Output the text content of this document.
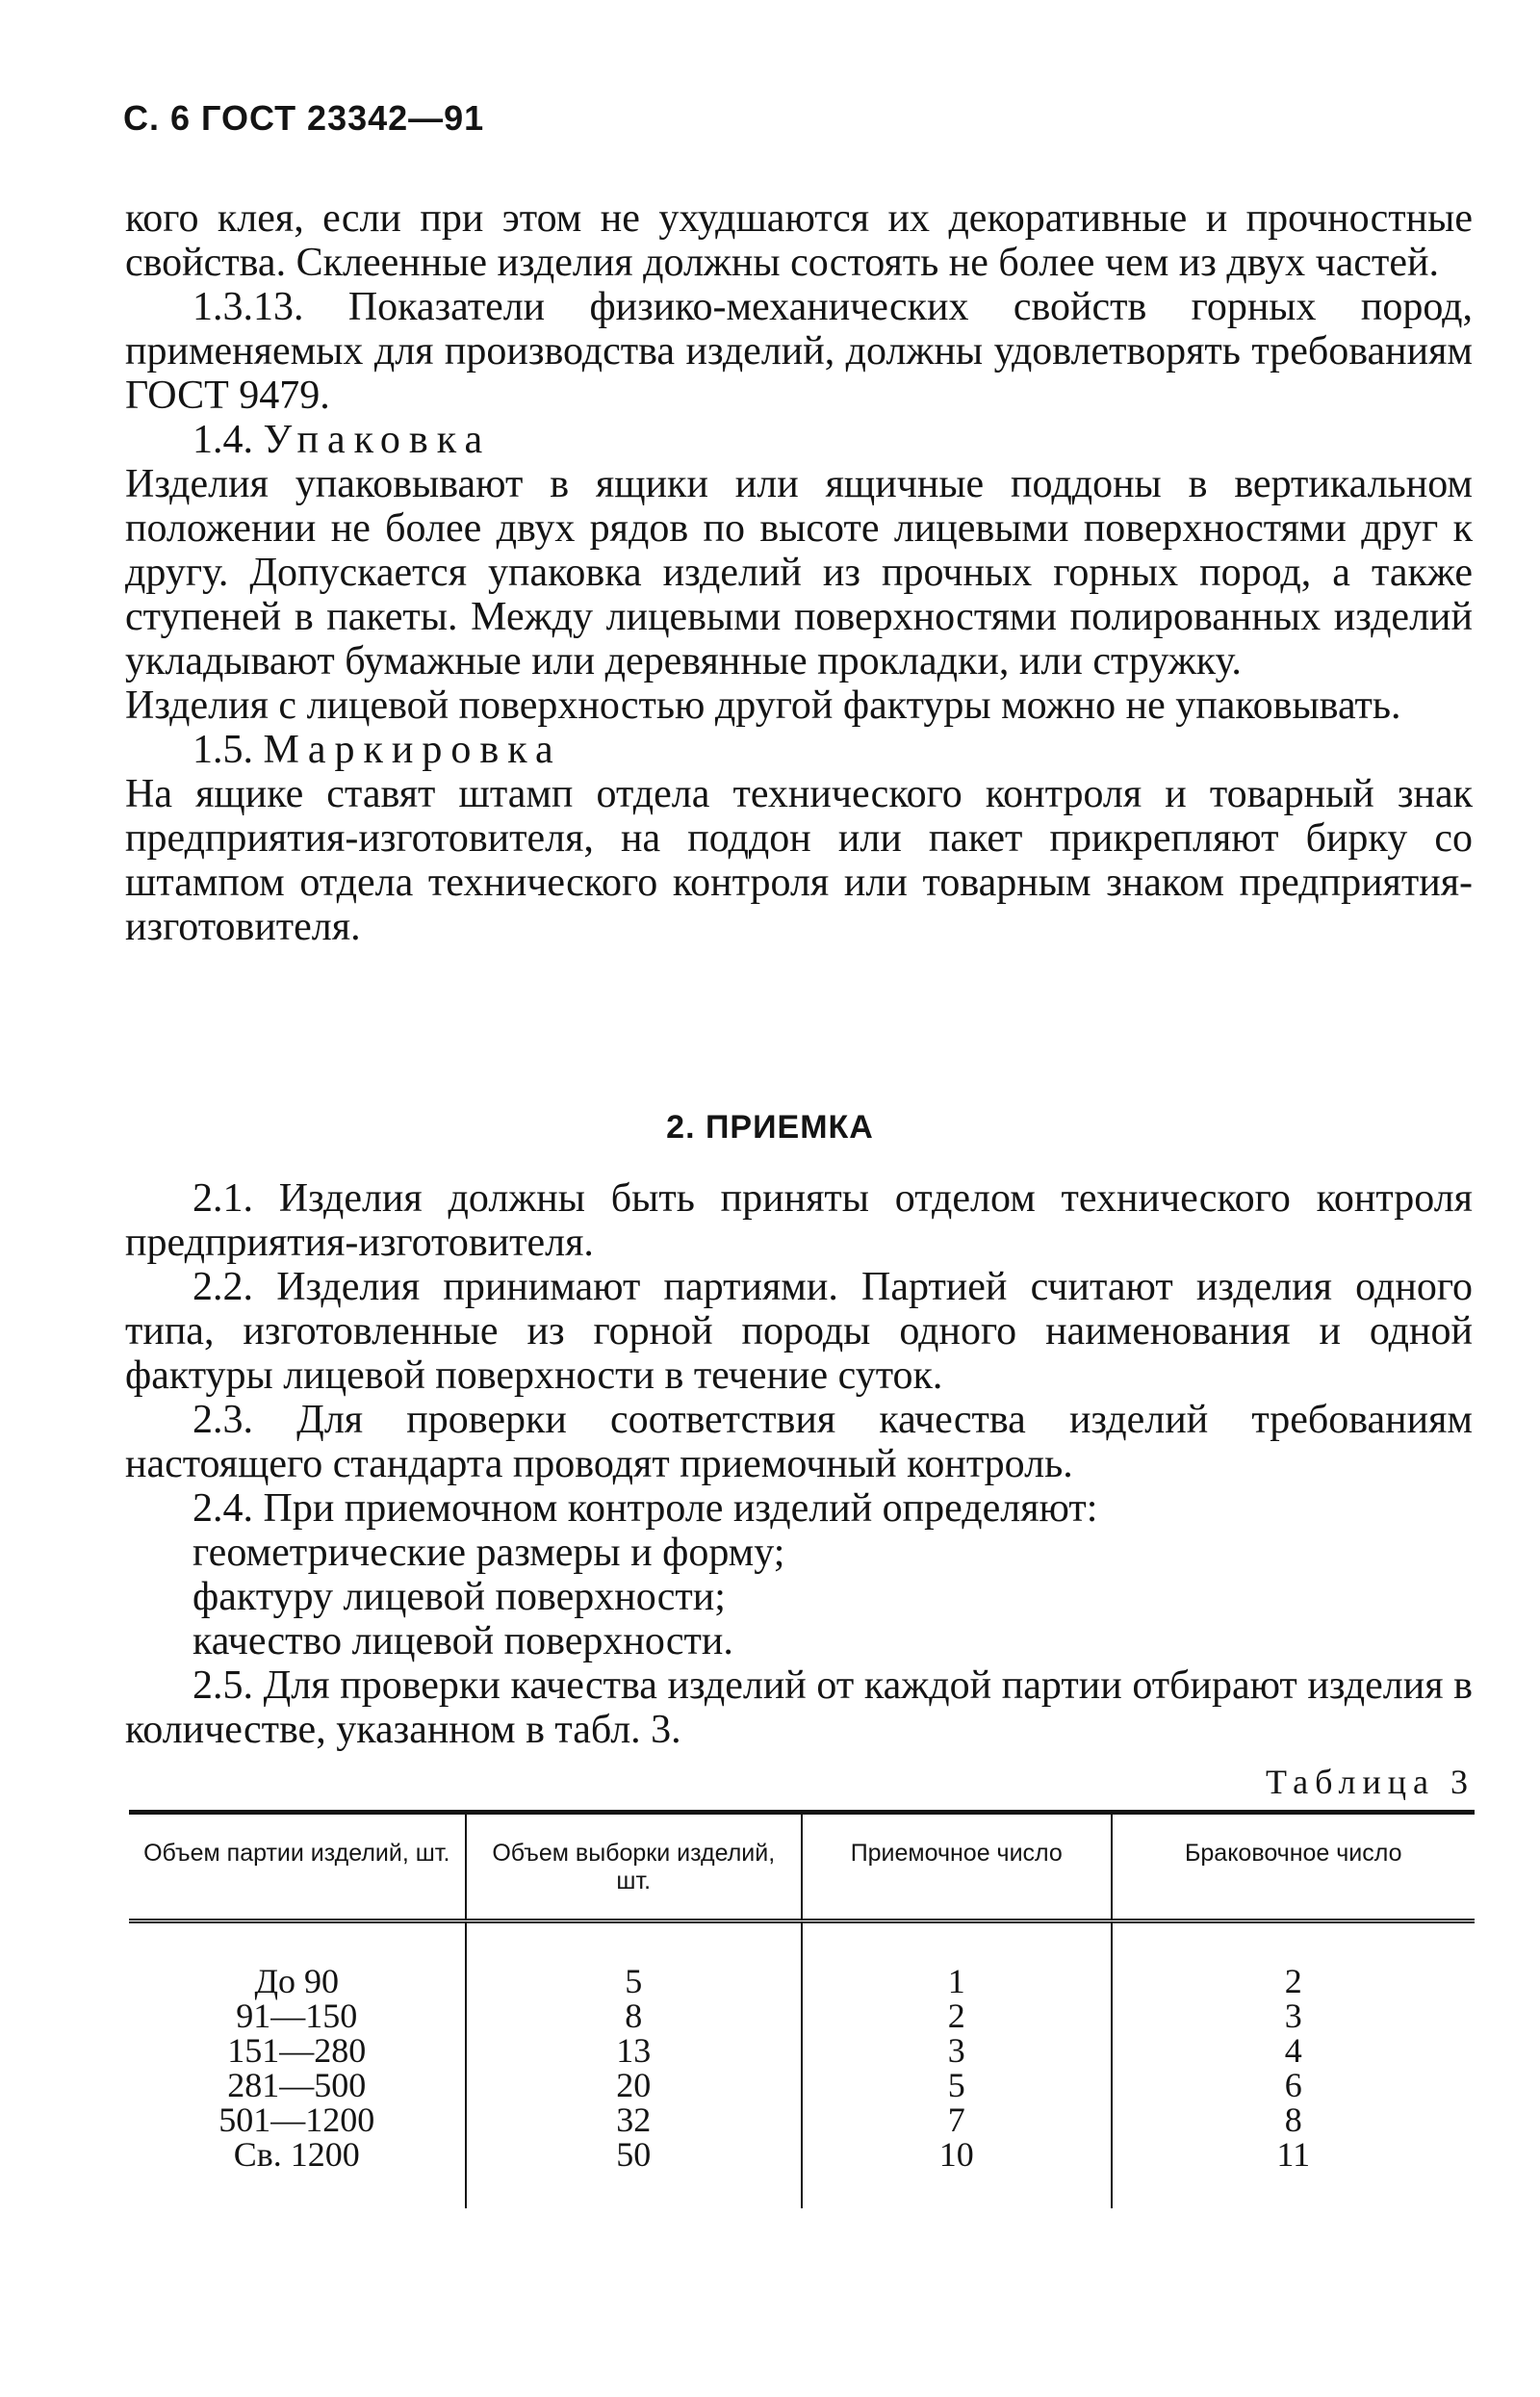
С. 6 ГОСТ 23342—91

кого клея, если при этом не ухудшаются их декоративные и прочностные свойства. Склеенные изделия должны состоять не более чем из двух частей.

1.3.13. Показатели физико-механических свойств горных пород, применяемых для производства изделий, должны удовлетворять требованиям ГОСТ 9479.

1.4. Упаковка

Изделия упаковывают в ящики или ящичные поддоны в вертикальном положении не более двух рядов по высоте лицевыми поверхностями друг к другу. Допускается упаковка изделий из прочных горных пород, а также ступеней в пакеты. Между лицевыми поверхностями полированных изделий укладывают бумажные или деревянные прокладки, или стружку.

Изделия с лицевой поверхностью другой фактуры можно не упаковывать.

1.5. Маркировка

На ящике ставят штамп отдела технического контроля и товарный знак предприятия-изготовителя, на поддон или пакет прикрепляют бирку со штампом отдела технического контроля или товарным знаком предприятия-изготовителя.

2. ПРИЕМКА

2.1. Изделия должны быть приняты отделом технического контроля предприятия-изготовителя.

2.2. Изделия принимают партиями. Партией считают изделия одного типа, изготовленные из горной породы одного наименования и одной фактуры лицевой поверхности в течение суток.

2.3. Для проверки соответствия качества изделий требованиям настоящего стандарта проводят приемочный контроль.

2.4. При приемочном контроле изделий определяют:

геометрические размеры и форму;

фактуру лицевой поверхности;

качество лицевой поверхности.

2.5. Для проверки качества изделий от каждой партии отбирают изделия в количестве, указанном в табл. 3.

Таблица 3
Объем партии изделий, шт.	Объем выборки изделий, шт.	Приемочное число	Браковочное число
До 90	5	1	2
91—150	8	2	3
151—280	13	3	4
281—500	20	5	6
501—1200	32	7	8
Св. 1200	50	10	11
